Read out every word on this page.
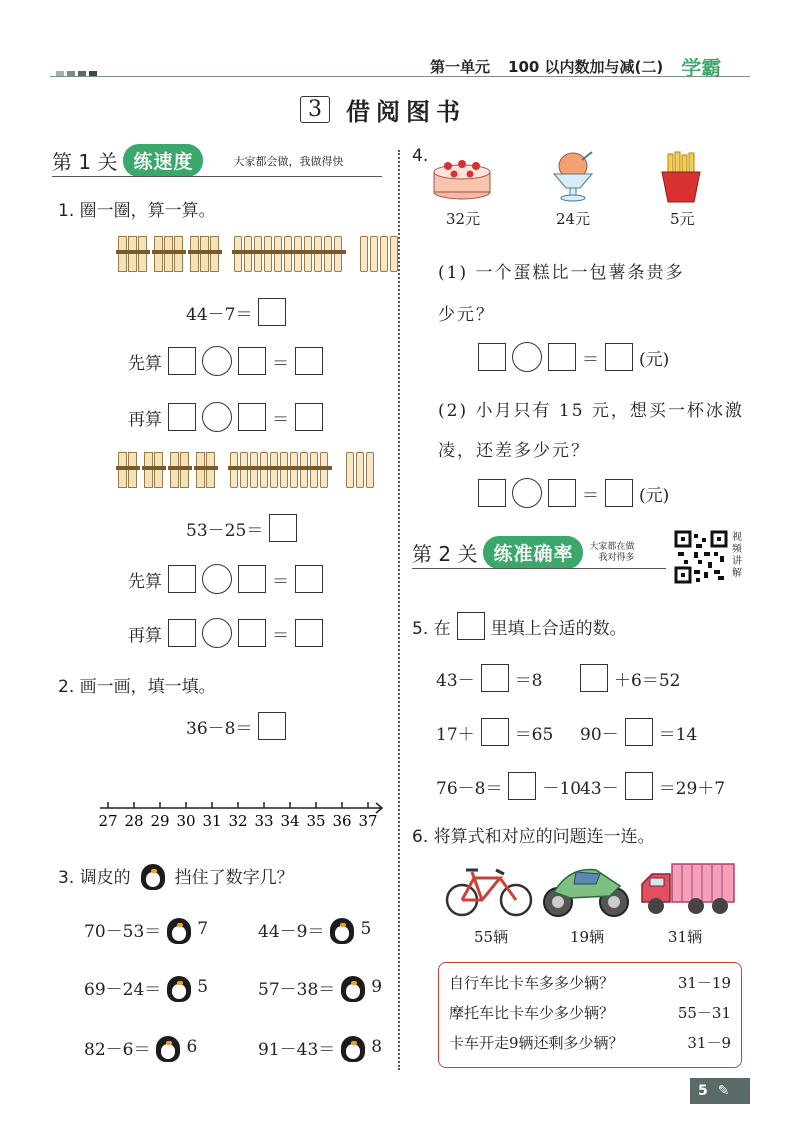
第一单元 100 以内数加与减(二) 学霸
3	借阅图书
第 1 关 练速度	大家都会做，我做得快
1. 圈一圈，算一算。
44－7＝
先算	＝
再算	＝
53－25＝
先算	＝
再算	＝
2. 画一画，填一填。
36－8＝
27 28 29 30 31 32 33 34 35 36 37
3. 调皮的	挡住了数字几？
70－53＝ 7	44－9＝ 5
69－24＝ 5	57－38＝ 9
82－6＝ 6	91－43＝ 8
4.
32元	24元	5元
(1) 一个蛋糕比一包薯条贵多
少元？
＝ (元)
(2) 小月只有 15 元，想买一杯冰激
凌，还差多少元？
＝ (元)
第 2 关 练准确率	大家都在做
我对得多
视频讲解
5. 在 里填上合适的数。
43－ ＝8	＋6＝52
17＋ ＝65 90－ ＝14
76－8＝ －10
43－ ＝29＋7
6. 将算式和对应的问题连一连。
55辆	19辆	31辆
自行车比卡车多多少辆？	31－19
摩托车比卡车少多少辆？	55－31
卡车开走9辆还剩多少辆？	31－9
5 ✎
